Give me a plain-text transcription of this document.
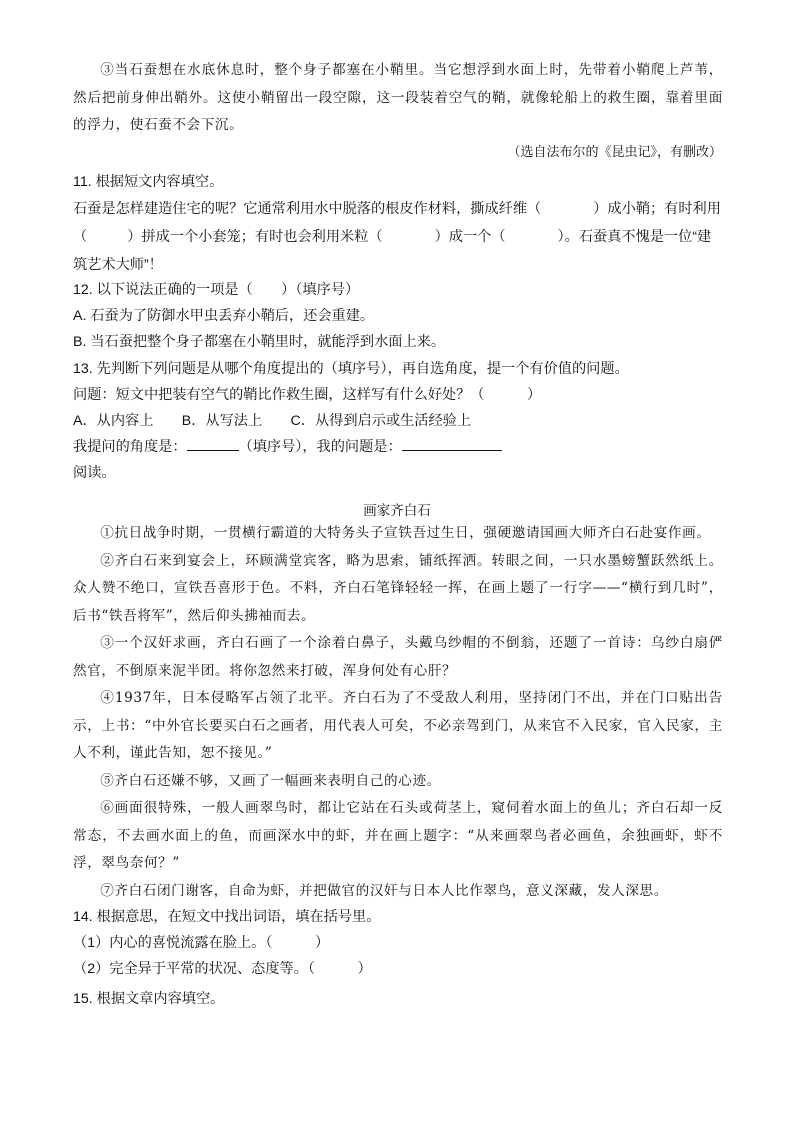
③当石蚕想在水底休息时，整个身子都塞在小鞘里。当它想浮到水面上时，先带着小鞘爬上芦苇，然后把前身伸出鞘外。这使小鞘留出一段空隙，这一段装着空气的鞘，就像轮船上的救生圈，靠着里面的浮力，使石蚕不会下沉。

（选自法布尔的《昆虫记》，有删改）

11. 根据短文内容填空。

石蚕是怎样建造住宅的呢？它通常利用水中脱落的根皮作材料，撕成纤维（	）成小鞘；有时利用（	）拼成一个小套笼；有时也会利用米粒（	）成一个（	）。石蚕真不愧是一位“建筑艺术大师”！

12. 以下说法正确的一项是（　　）（填序号）

A. 石蚕为了防御水甲虫丢弃小鞘后，还会重建。

B. 当石蚕把整个身子都塞在小鞘里时，就能浮到水面上来。

13. 先判断下列问题是从哪个角度提出的（填序号），再自选角度，提一个有价值的问题。

问题：短文中把装有空气的鞘比作救生圈，这样写有什么好处？（　　　）

A．从内容上　　B．从写法上　　C．从得到启示或生活经验上

我提问的角度是：	（填序号），我的问题是：

阅读。

画家齐白石

①抗日战争时期，一贯横行霸道的大特务头子宣铁吾过生日，强硬邀请国画大师齐白石赴宴作画。

②齐白石来到宴会上，环顾满堂宾客，略为思索，铺纸挥洒。转眼之间，一只水墨螃蟹跃然纸上。众人赞不绝口，宣铁吾喜形于色。不料，齐白石笔锋轻轻一挥，在画上题了一行字——“横行到几时”，后书“铁吾将军”，然后仰头拂袖而去。

③一个汉奸求画，齐白石画了一个涂着白鼻子，头戴乌纱帽的不倒翁，还题了一首诗：乌纱白扇俨然官，不倒原来泥半团。将你忽然来打破，浑身何处有心肝？

④1937年，日本侵略军占领了北平。齐白石为了不受敌人利用，坚持闭门不出，并在门口贴出告示，上书：“中外官长要买白石之画者，用代表人可矣，不必亲驾到门，从来官不入民家，官入民家，主人不利，谨此告知，恕不接见。”

⑤齐白石还嫌不够，又画了一幅画来表明自己的心迹。

⑥画面很特殊，一般人画翠鸟时，都让它站在石头或荷茎上，窥伺着水面上的鱼儿；齐白石却一反常态，不去画水面上的鱼，而画深水中的虾，并在画上题字：“从来画翠鸟者必画鱼，余独画虾，虾不浮，翠鸟奈何？”

⑦齐白石闭门谢客，自命为虾，并把做官的汉奸与日本人比作翠鸟，意义深藏，发人深思。

14. 根据意思，在短文中找出词语，填在括号里。

（1）内心的喜悦流露在脸上。（　　　）

（2）完全异于平常的状况、态度等。（　　　）

15. 根据文章内容填空。
